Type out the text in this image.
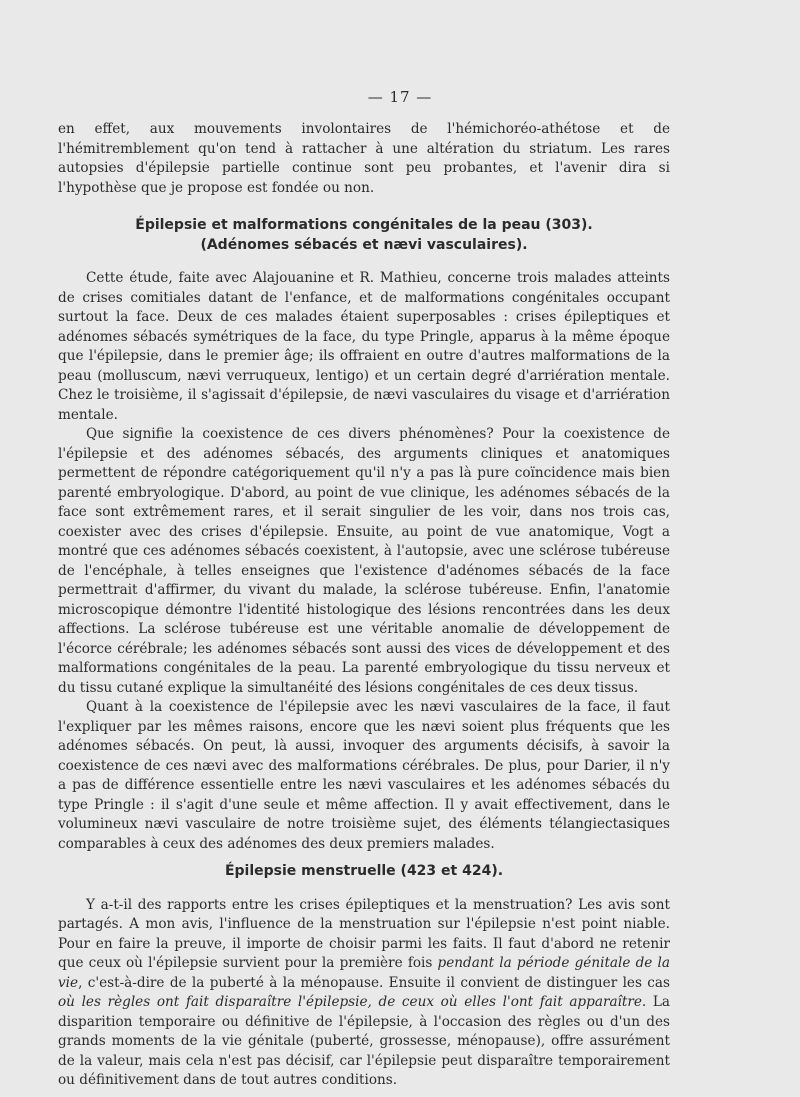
— 17 —

en effet, aux mouvements involontaires de l'hémichoréo-athétose et de l'hémitremblement qu'on tend à rattacher à une altération du striatum. Les rares autopsies d'épilepsie partielle continue sont peu probantes, et l'avenir dira si l'hypothèse que je propose est fondée ou non.

Épilepsie et malformations congénitales de la peau (303).
(Adénomes sébacés et nævi vasculaires).

Cette étude, faite avec Alajouanine et R. Mathieu, concerne trois malades atteints de crises comitiales datant de l'enfance, et de malformations congénitales occupant surtout la face. Deux de ces malades étaient superposables : crises épileptiques et adénomes sébacés symétriques de la face, du type Pringle, apparus à la même époque que l'épilepsie, dans le premier âge; ils offraient en outre d'autres malformations de la peau (molluscum, nævi verruqueux, lentigo) et un certain degré d'arriération mentale. Chez le troisième, il s'agissait d'épilepsie, de nævi vasculaires du visage et d'arriération mentale.

Que signifie la coexistence de ces divers phénomènes? Pour la coexistence de l'épilepsie et des adénomes sébacés, des arguments cliniques et anatomiques permettent de répondre catégoriquement qu'il n'y a pas là pure coïncidence mais bien parenté embryologique. D'abord, au point de vue clinique, les adénomes sébacés de la face sont extrêmement rares, et il serait singulier de les voir, dans nos trois cas, coexister avec des crises d'épilepsie. Ensuite, au point de vue anatomique, Vogt a montré que ces adénomes sébacés coexistent, à l'autopsie, avec une sclérose tubéreuse de l'encéphale, à telles enseignes que l'existence d'adénomes sébacés de la face permettrait d'affirmer, du vivant du malade, la sclérose tubéreuse. Enfin, l'anatomie microscopique démontre l'identité histologique des lésions rencontrées dans les deux affections. La sclérose tubéreuse est une véritable anomalie de développement de l'écorce cérébrale; les adénomes sébacés sont aussi des vices de développement et des malformations congénitales de la peau. La parenté embryologique du tissu nerveux et du tissu cutané explique la simultanéité des lésions congénitales de ces deux tissus.

Quant à la coexistence de l'épilepsie avec les nævi vasculaires de la face, il faut l'expliquer par les mêmes raisons, encore que les nævi soient plus fréquents que les adénomes sébacés. On peut, là aussi, invoquer des arguments décisifs, à savoir la coexistence de ces nævi avec des malformations cérébrales. De plus, pour Darier, il n'y a pas de différence essentielle entre les nævi vasculaires et les adénomes sébacés du type Pringle : il s'agit d'une seule et même affection. Il y avait effectivement, dans le volumineux nævi vasculaire de notre troisième sujet, des éléments télangiectasiques comparables à ceux des adénomes des deux premiers malades.

Épilepsie menstruelle (423 et 424).

Y a-t-il des rapports entre les crises épileptiques et la menstruation? Les avis sont partagés. A mon avis, l'influence de la menstruation sur l'épilepsie n'est point niable. Pour en faire la preuve, il importe de choisir parmi les faits. Il faut d'abord ne retenir que ceux où l'épilepsie survient pour la première fois pendant la période génitale de la vie, c'est-à-dire de la puberté à la ménopause. Ensuite il convient de distinguer les cas où les règles ont fait disparaître l'épilepsie, de ceux où elles l'ont fait apparaître. La disparition temporaire ou définitive de l'épilepsie, à l'occasion des règles ou d'un des grands moments de la vie génitale (puberté, grossesse, ménopause), offre assurément de la valeur, mais cela n'est pas décisif, car l'épilepsie peut disparaître temporairement ou définitivement dans de tout autres conditions.
